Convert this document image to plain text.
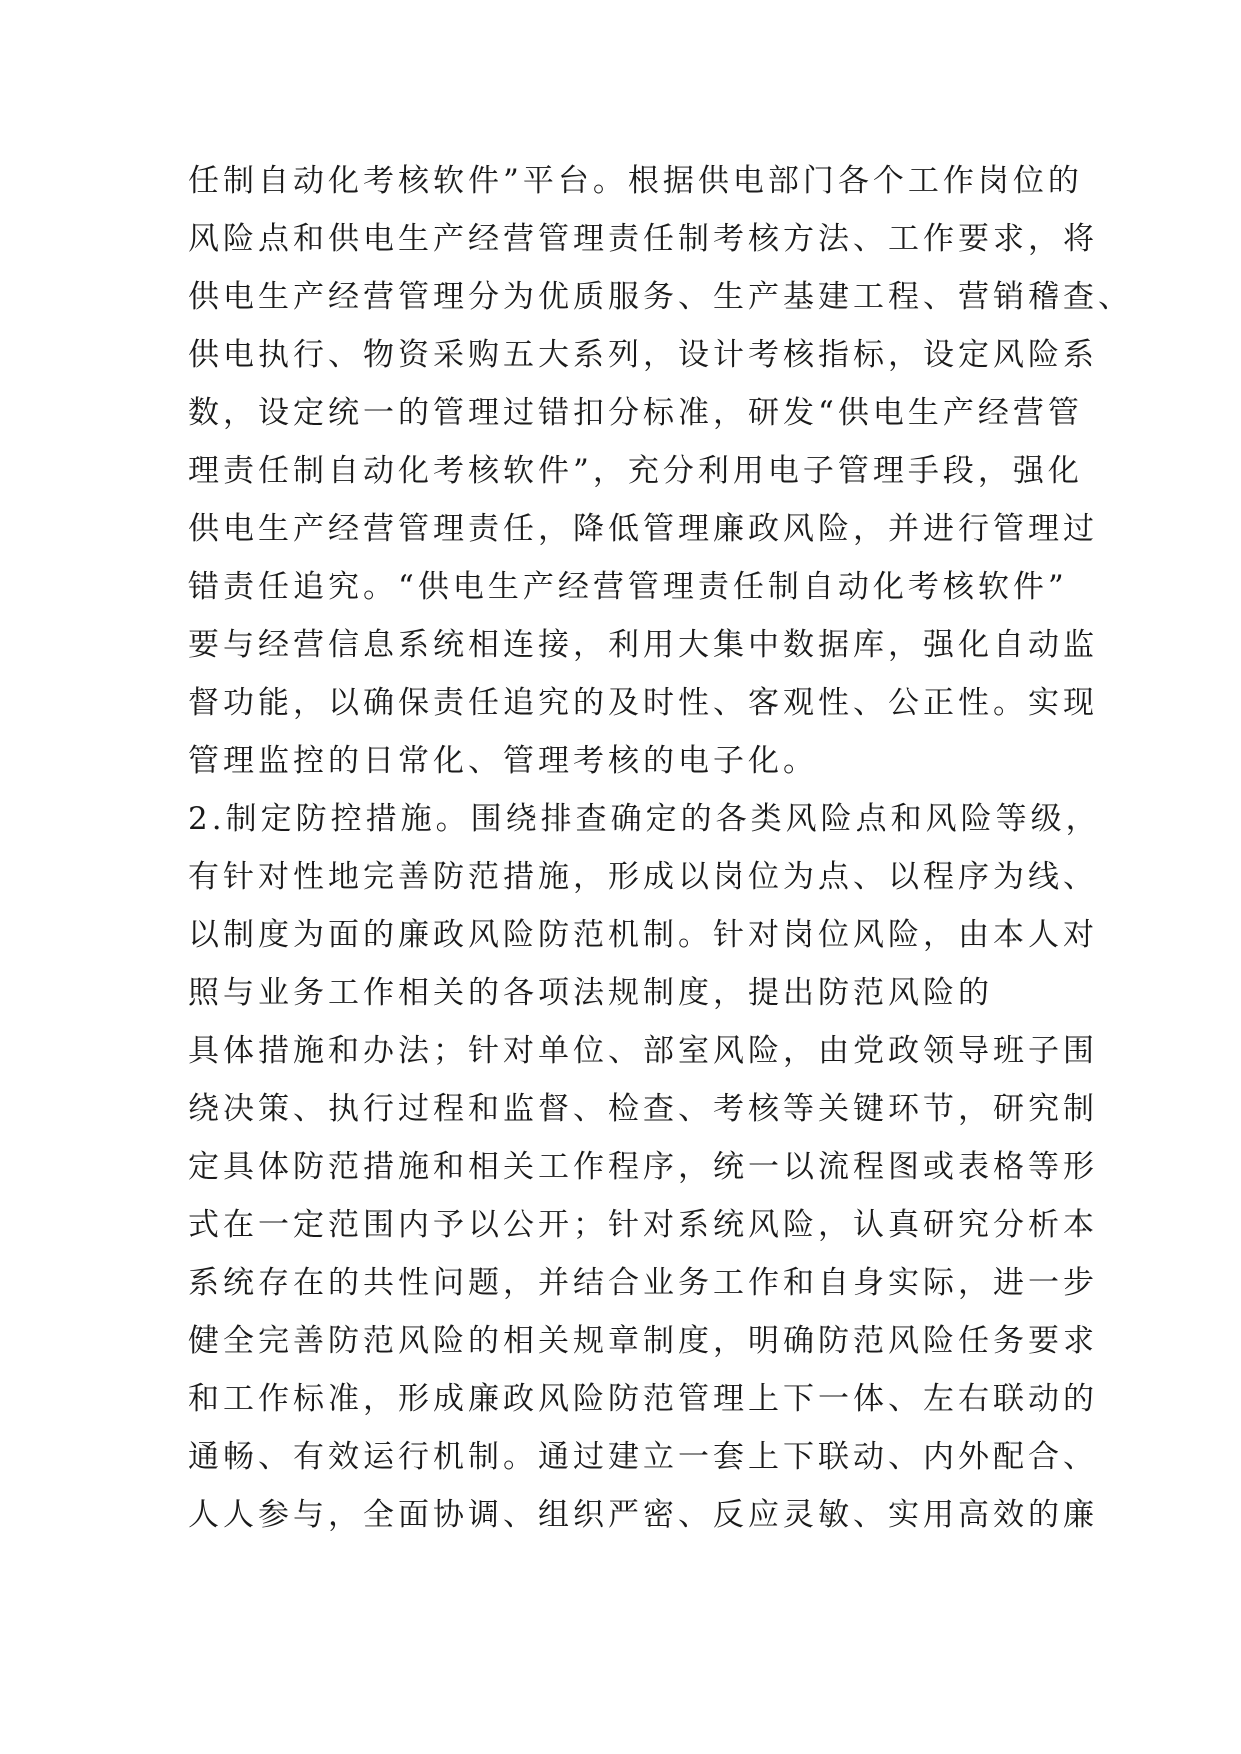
任制自动化考核软件”平台。根据供电部门各个工作岗位的
风险点和供电生产经营管理责任制考核方法、工作要求，将
供电生产经营管理分为优质服务、生产基建工程、营销稽查、
供电执行、物资采购五大系列，设计考核指标，设定风险系
数，设定统一的管理过错扣分标准，研发“供电生产经营管
理责任制自动化考核软件”，充分利用电子管理手段，强化
供电生产经营管理责任，降低管理廉政风险，并进行管理过
错责任追究。“供电生产经营管理责任制自动化考核软件”
要与经营信息系统相连接，利用大集中数据库，强化自动监
督功能，以确保责任追究的及时性、客观性、公正性。实现
管理监控的日常化、管理考核的电子化。
2.制定防控措施。围绕排查确定的各类风险点和风险等级，
有针对性地完善防范措施，形成以岗位为点、以程序为线、
以制度为面的廉政风险防范机制。针对岗位风险，由本人对
照与业务工作相关的各项法规制度，提出防范风险的
具体措施和办法；针对单位、部室风险，由党政领导班子围
绕决策、执行过程和监督、检查、考核等关键环节，研究制
定具体防范措施和相关工作程序，统一以流程图或表格等形
式在一定范围内予以公开；针对系统风险，认真研究分析本
系统存在的共性问题，并结合业务工作和自身实际，进一步
健全完善防范风险的相关规章制度，明确防范风险任务要求
和工作标准，形成廉政风险防范管理上下一体、左右联动的
通畅、有效运行机制。通过建立一套上下联动、内外配合、
人人参与，全面协调、组织严密、反应灵敏、实用高效的廉
